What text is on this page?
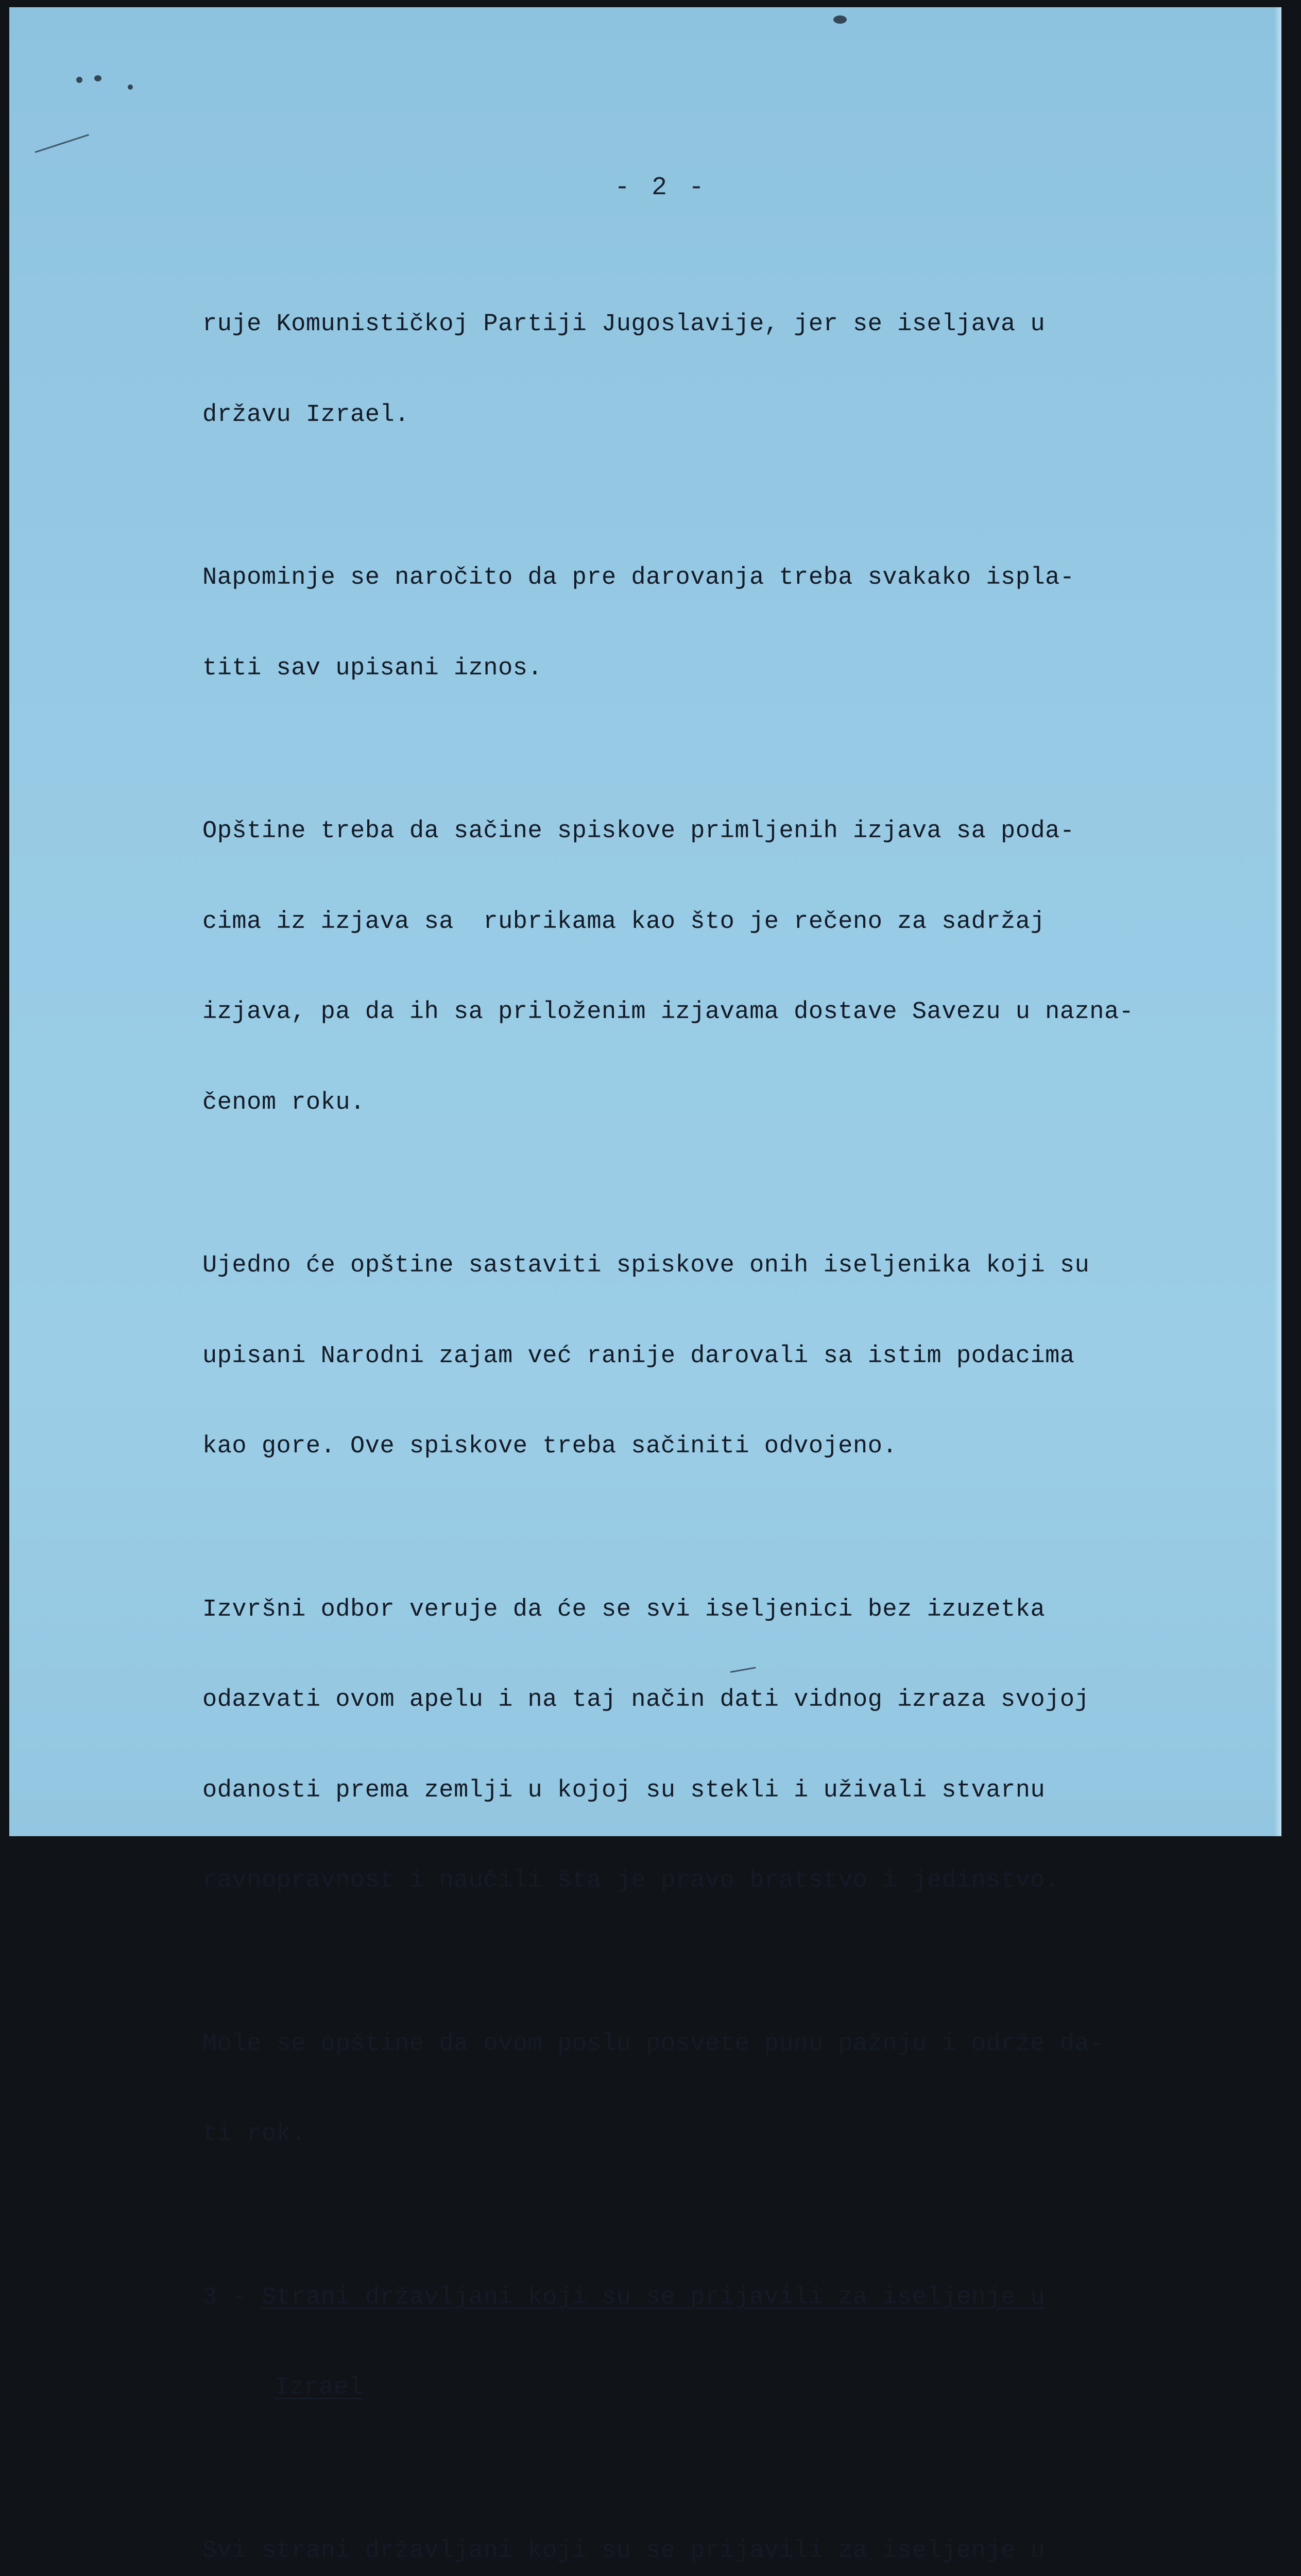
- 2 -

ruje Komunističkoj Partiji Jugoslavije, jer se iseljava u

državu Izrael.

Napominje se naročito da pre darovanja treba svakako ispla-

titi sav upisani iznos.

Opštine treba da sačine spiskove primljenih izjava sa poda-

cima iz izjava sa  rubrikama kao što je rečeno za sadržaj

izjava, pa da ih sa priloženim izjavama dostave Savezu u nazna-

čenom roku.

Ujedno će opštine sastaviti spiskove onih iseljenika koji su

upisani Narodni zajam već ranije darovali sa istim podacima

kao gore. Ove spiskove treba sačiniti odvojeno.

Izvršni odbor veruje da će se svi iseljenici bez izuzetka

odazvati ovom apelu i na taj način dati vidnog izraza svojoj

odanosti prema zemlji u kojoj su stekli i uživali stvarnu

ravnopravnost i naučili šta je pravo bratstvo i jedinstvo.

Mole se opštine da ovom poslu posvete punu pažnju i održe da-

ti rok.

3 - Strani državljani koji su se prijavili za iseljenje u

Izrael

Svi strani državljani koji su se prijavili za iseljenje u
